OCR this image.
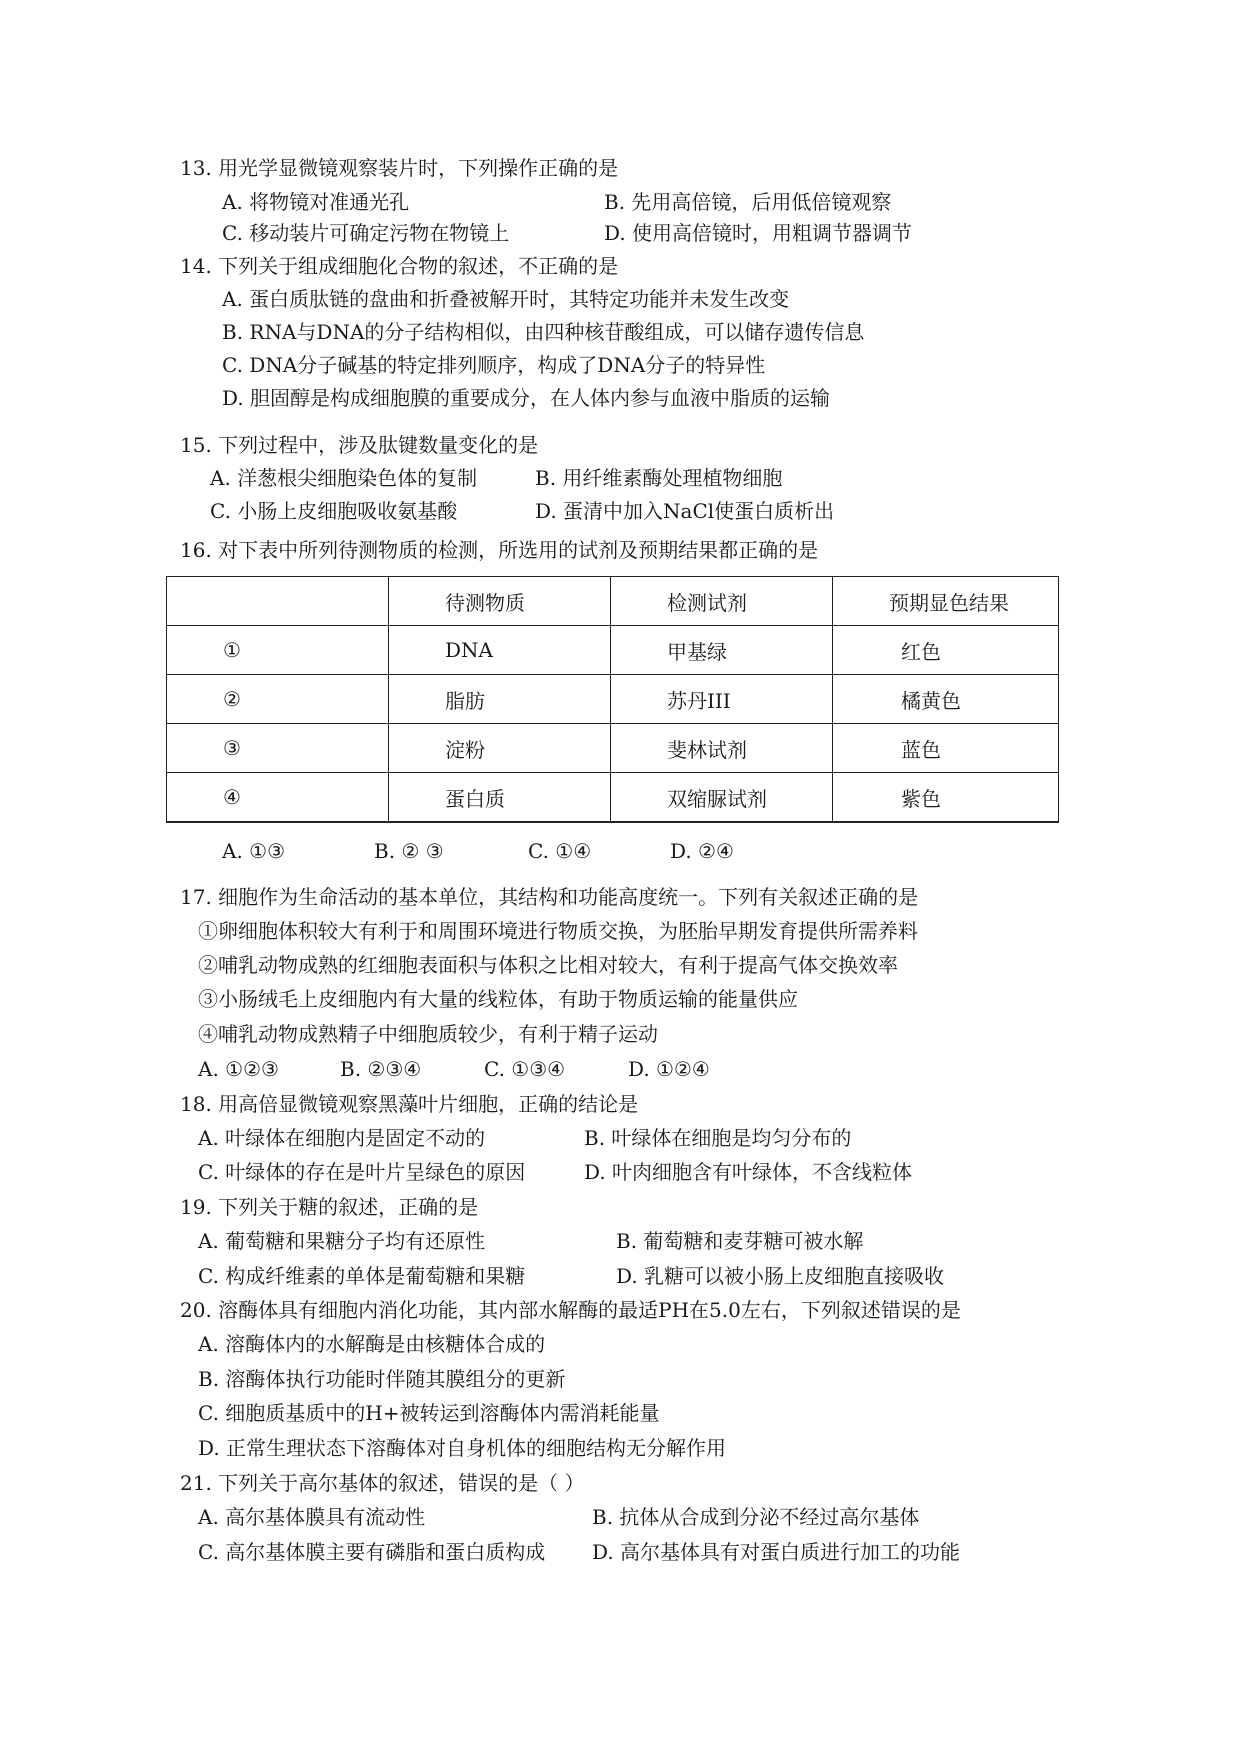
13. 用光学显微镜观察装片时，下列操作正确的是
A. 将物镜对准通光孔	B. 先用高倍镜，后用低倍镜观察
C. 移动装片可确定污物在物镜上	D. 使用高倍镜时，用粗调节器调节
14. 下列关于组成细胞化合物的叙述，不正确的是
A. 蛋白质肽链的盘曲和折叠被解开时，其特定功能并未发生改变
B. RNA与DNA的分子结构相似，由四种核苷酸组成，可以储存遗传信息
C. DNA分子碱基的特定排列顺序，构成了DNA分子的特异性
D. 胆固醇是构成细胞膜的重要成分，在人体内参与血液中脂质的运输
15. 下列过程中，涉及肽键数量变化的是
A. 洋葱根尖细胞染色体的复制	B. 用纤维素酶处理植物细胞
C. 小肠上皮细胞吸收氨基酸	D. 蛋清中加入NaCl使蛋白质析出
16. 对下表中所列待测物质的检测，所选用的试剂及预期结果都正确的是
	待测物质	检测试剂	预期显色结果
①	DNA	甲基绿	红色
②	脂肪	苏丹III	橘黄色
③	淀粉	斐林试剂	蓝色
④	蛋白质	双缩脲试剂	紫色
A. ①③	B. ② ③	C. ①④	D. ②④
17. 细胞作为生命活动的基本单位，其结构和功能高度统一。下列有关叙述正确的是
①卵细胞体积较大有利于和周围环境进行物质交换，为胚胎早期发育提供所需养料
②哺乳动物成熟的红细胞表面积与体积之比相对较大，有利于提高气体交换效率
③小肠绒毛上皮细胞内有大量的线粒体，有助于物质运输的能量供应
④哺乳动物成熟精子中细胞质较少，有利于精子运动
A. ①②③	B. ②③④	C. ①③④	D. ①②④
18. 用高倍显微镜观察黑藻叶片细胞，正确的结论是
A. 叶绿体在细胞内是固定不动的	B. 叶绿体在细胞是均匀分布的
C. 叶绿体的存在是叶片呈绿色的原因	D. 叶肉细胞含有叶绿体，不含线粒体
19. 下列关于糖的叙述，正确的是
A. 葡萄糖和果糖分子均有还原性	B. 葡萄糖和麦芽糖可被水解
C. 构成纤维素的单体是葡萄糖和果糖	D. 乳糖可以被小肠上皮细胞直接吸收
20. 溶酶体具有细胞内消化功能，其内部水解酶的最适PH在5.0左右，下列叙述错误的是
A. 溶酶体内的水解酶是由核糖体合成的
B. 溶酶体执行功能时伴随其膜组分的更新
C. 细胞质基质中的H+被转运到溶酶体内需消耗能量
D. 正常生理状态下溶酶体对自身机体的细胞结构无分解作用
21. 下列关于高尔基体的叙述，错误的是（ ）
A. 高尔基体膜具有流动性	B. 抗体从合成到分泌不经过高尔基体
C. 高尔基体膜主要有磷脂和蛋白质构成 D. 高尔基体具有对蛋白质进行加工的功能
